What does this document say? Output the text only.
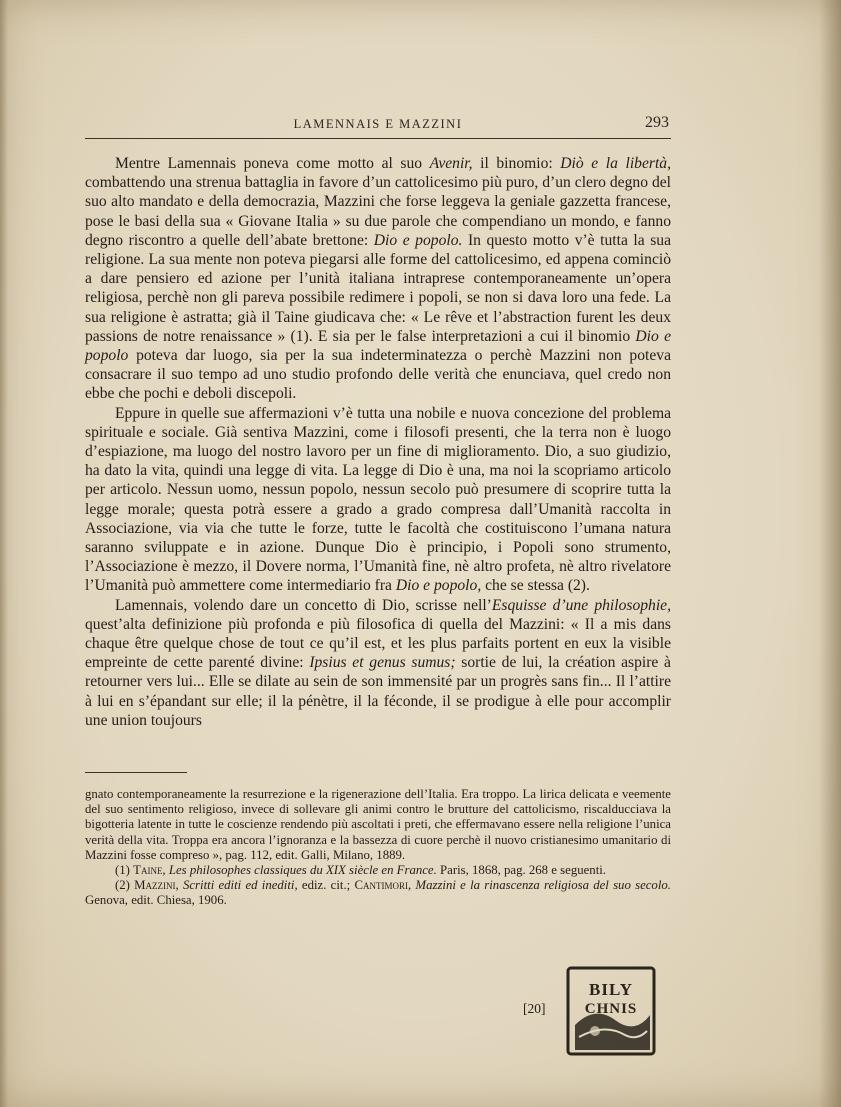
LAMENNAIS E MAZZINI	293

Mentre Lamennais poneva come motto al suo Avenir, il binomio: Diò e la libertà, combattendo una strenua battaglia in favore d’un cattolicesimo più puro, d’un clero degno del suo alto mandato e della democrazia, Mazzini che forse leggeva la geniale gazzetta francese, pose le basi della sua « Giovane Italia » su due parole che compendiano un mondo, e fanno degno riscontro a quelle dell’abate brettone: Dio e popolo. In questo motto v’è tutta la sua religione. La sua mente non poteva piegarsi alle forme del cattolicesimo, ed appena cominciò a dare pensiero ed azione per l’unità italiana intraprese contemporaneamente un’opera religiosa, perchè non gli pareva possibile redimere i popoli, se non si dava loro una fede. La sua religione è astratta; già il Taine giudicava che: « Le rêve et l’abstraction furent les deux passions de notre renaissance » (1). E sia per le false interpretazioni a cui il binomio Dio e popolo poteva dar luogo, sia per la sua indeterminatezza o perchè Mazzini non poteva consacrare il suo tempo ad uno studio profondo delle verità che enunciava, quel credo non ebbe che pochi e deboli discepoli.

Eppure in quelle sue affermazioni v’è tutta una nobile e nuova concezione del problema spirituale e sociale. Già sentiva Mazzini, come i filosofi presenti, che la terra non è luogo d’espiazione, ma luogo del nostro lavoro per un fine di miglioramento. Dio, a suo giudizio, ha dato la vita, quindi una legge di vita. La legge di Dio è una, ma noi la scopriamo articolo per articolo. Nessun uomo, nessun popolo, nessun secolo può presumere di scoprire tutta la legge morale; questa potrà essere a grado a grado compresa dall’Umanità raccolta in Associazione, via via che tutte le forze, tutte le facoltà che costituiscono l’umana natura saranno sviluppate e in azione. Dunque Dio è principio, i Popoli sono strumento, l’Associazione è mezzo, il Dovere norma, l’Umanità fine, nè altro profeta, nè altro rivelatore l’Umanità può ammettere come intermediario fra Dio e popolo, che se stessa (2).

Lamennais, volendo dare un concetto di Dio, scrisse nell’Esquisse d’une philosophie, quest’alta definizione più profonda e più filosofica di quella del Mazzini: « Il a mis dans chaque être quelque chose de tout ce qu’il est, et les plus parfaits portent en eux la visible empreinte de cette parenté divine: Ipsius et genus sumus; sortie de lui, la création aspire à retourner vers lui... Elle se dilate au sein de son immensité par un progrès sans fin... Il l’attire à lui en s’épandant sur elle; il la pénètre, il la féconde, il se prodigue à elle pour accomplir une union toujours

gnato contemporaneamente la resurrezione e la rigenerazione dell’Italia. Era troppo. La lirica delicata e veemente del suo sentimento religioso, invece di sollevare gli animi contro le brutture del cattolicismo, riscalducciava la bigotteria latente in tutte le coscienze rendendo più ascoltati i preti, che effermavano essere nella religione l’unica verità della vita. Troppa era ancora l’ignoranza e la bassezza di cuore perchè il nuovo cristianesimo umanitario di Mazzini fosse compreso », pag. 112, edit. Galli, Milano, 1889.

(1) Taine, Les philosophes classiques du XIX siècle en France. Paris, 1868, pag. 268 e seguenti.

(2) Mazzini, Scritti editi ed inediti, ediz. cit.; Cantimori, Mazzini e la rinascenza religiosa del suo secolo. Genova, edit. Chiesa, 1906.

[20]
BILY
CHNIS
